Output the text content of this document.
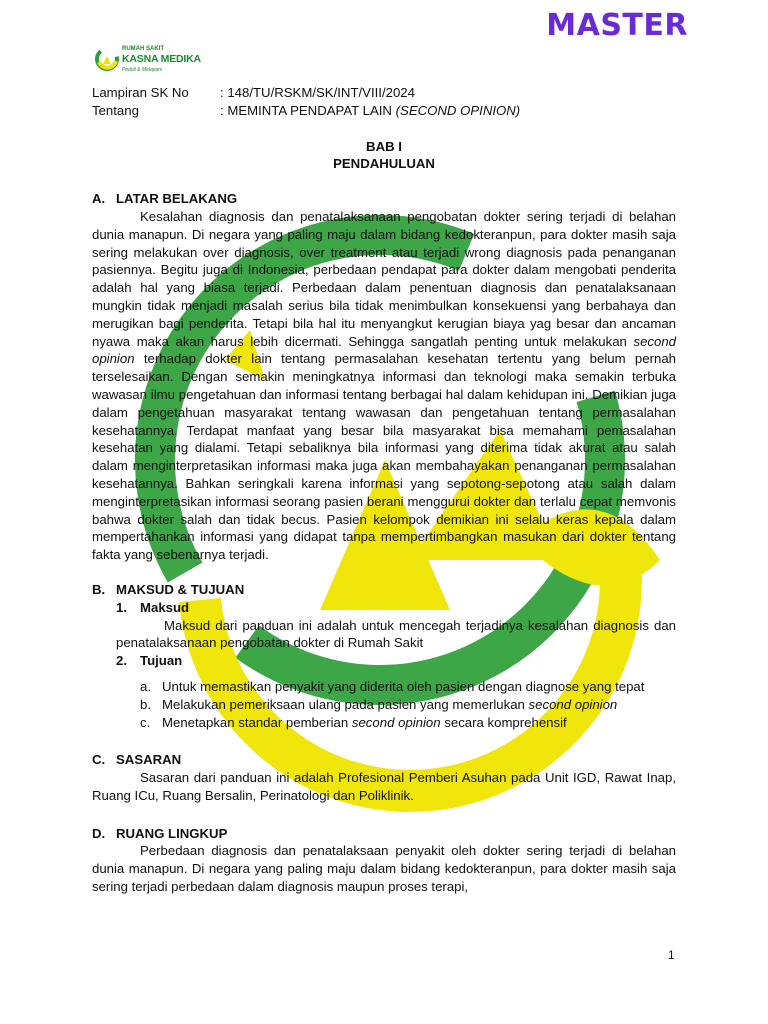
MASTER
RUMAH SAKIT
KASNA MEDIKA
Peduli & Melayani
Lampiran SK No	: 148/TU/RSKM/SK/INT/VIII/2024
Tentang	: MEMINTA PENDAPAT LAIN (SECOND OPINION)
BAB I
PENDAHULUAN
A. LATAR BELAKANG

Kesalahan diagnosis dan penatalaksanaan pengobatan dokter sering terjadi di belahan dunia manapun. Di negara yang paling maju dalam bidang kedokteranpun, para dokter masih saja sering melakukan over diagnosis, over treatment atau terjadi wrong diagnosis pada penanganan pasiennya. Begitu juga di Indonesia, perbedaan pendapat para dokter dalam mengobati penderita adalah hal yang biasa terjadi. Perbedaan dalam penentuan diagnosis dan penatalaksanaan mungkin tidak menjadi masalah serius bila tidak menimbulkan konsekuensi yang berbahaya dan merugikan bagi penderita. Tetapi bila hal itu menyangkut kerugian biaya yag besar dan ancaman nyawa maka akan harus lebih dicermati. Sehingga sangatlah penting untuk melakukan second opinion terhadap dokter lain tentang permasalahan kesehatan tertentu yang belum pernah terselesaikan. Dengan semakin meningkatnya informasi dan teknologi maka semakin terbuka wawasan ilmu pengetahuan dan informasi tentang berbagai hal dalam kehidupan ini. Demikian juga dalam pengetahuan masyarakat tentang wawasan dan pengetahuan tentang permasalahan kesehatannya. Terdapat manfaat yang besar bila masyarakat bisa memahami pemasalahan kesehatan yang dialami. Tetapi sebaliknya bila informasi yang diterima tidak akurat atau salah dalam menginterpretasikan informasi maka juga akan membahayakan penanganan permasalahan kesehatannya. Bahkan seringkali karena informasi yang sepotong-sepotong atau salah dalam menginterpretasikan informasi seorang pasien berani menggurui dokter dan terlalu cepat memvonis bahwa dokter salah dan tidak becus. Pasien kelompok demikian ini selalu keras kepala dalam mempertahankan informasi yang didapat tanpa mempertimbangkan masukan dari dokter tentang fakta yang sebenarnya terjadi.

B. MAKSUD & TUJUAN
1. Maksud

Maksud dari panduan ini adalah untuk mencegah terjadinya kesalahan diagnosis dan penatalaksanaan pengobatan dokter di Rumah Sakit

2. Tujuan
a. Untuk memastikan penyakit yang diderita oleh pasien dengan diagnose yang tepat
b. Melakukan pemeriksaan ulang pada pasien yang memerlukan second opinion
c. Menetapkan standar pemberian second opinion secara komprehensif
C. SASARAN

Sasaran dari panduan ini adalah Profesional Pemberi Asuhan pada Unit IGD, Rawat Inap, Ruang ICu, Ruang Bersalin, Perinatologi dan Poliklinik.

D. RUANG LINGKUP

Perbedaan diagnosis dan penatalaksaan penyakit oleh dokter sering terjadi di belahan dunia manapun. Di negara yang paling maju dalam bidang kedokteranpun, para dokter masih saja sering terjadi perbedaan dalam diagnosis maupun proses terapi,

1
